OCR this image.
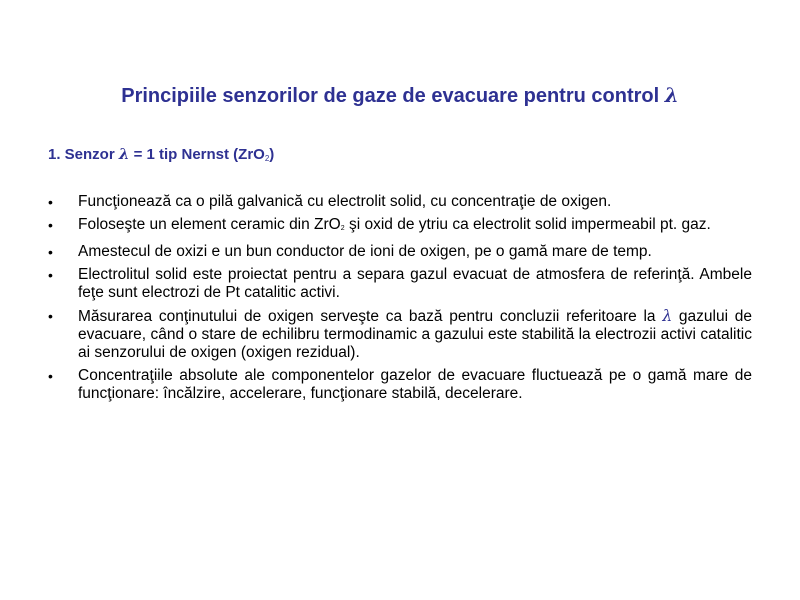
Principiile senzorilor de gaze de evacuare pentru control λ
1. Senzor λ = 1 tip Nernst (ZrO$_2$)
• Funcţionează ca o pilă galvanică cu electrolit solid, cu concentraţie de oxigen.
• Foloseşte un element ceramic din ZrO2 şi oxid de ytriu ca electrolit solid impermeabil pt. gaz.
• Amestecul de oxizi e un bun conductor de ioni de oxigen, pe o gamă mare de temp.
• Electrolitul solid este proiectat pentru a separa gazul evacuat de atmosfera de referinţă. Ambele feţe sunt electrozi de Pt catalitic activi.
• Măsurarea conţinutului de oxigen serveşte ca bază pentru concluzii referitoare la λ gazului de evacuare, când o stare de echilibru termodinamic a gazului este stabilită la electrozii activi catalitic ai senzorului de oxigen (oxigen rezidual).
• Concentraţiile absolute ale componentelor gazelor de evacuare fluctuează pe o gamă mare de funcţionare: încălzire, accelerare, funcţionare stabilă, decelerare.
